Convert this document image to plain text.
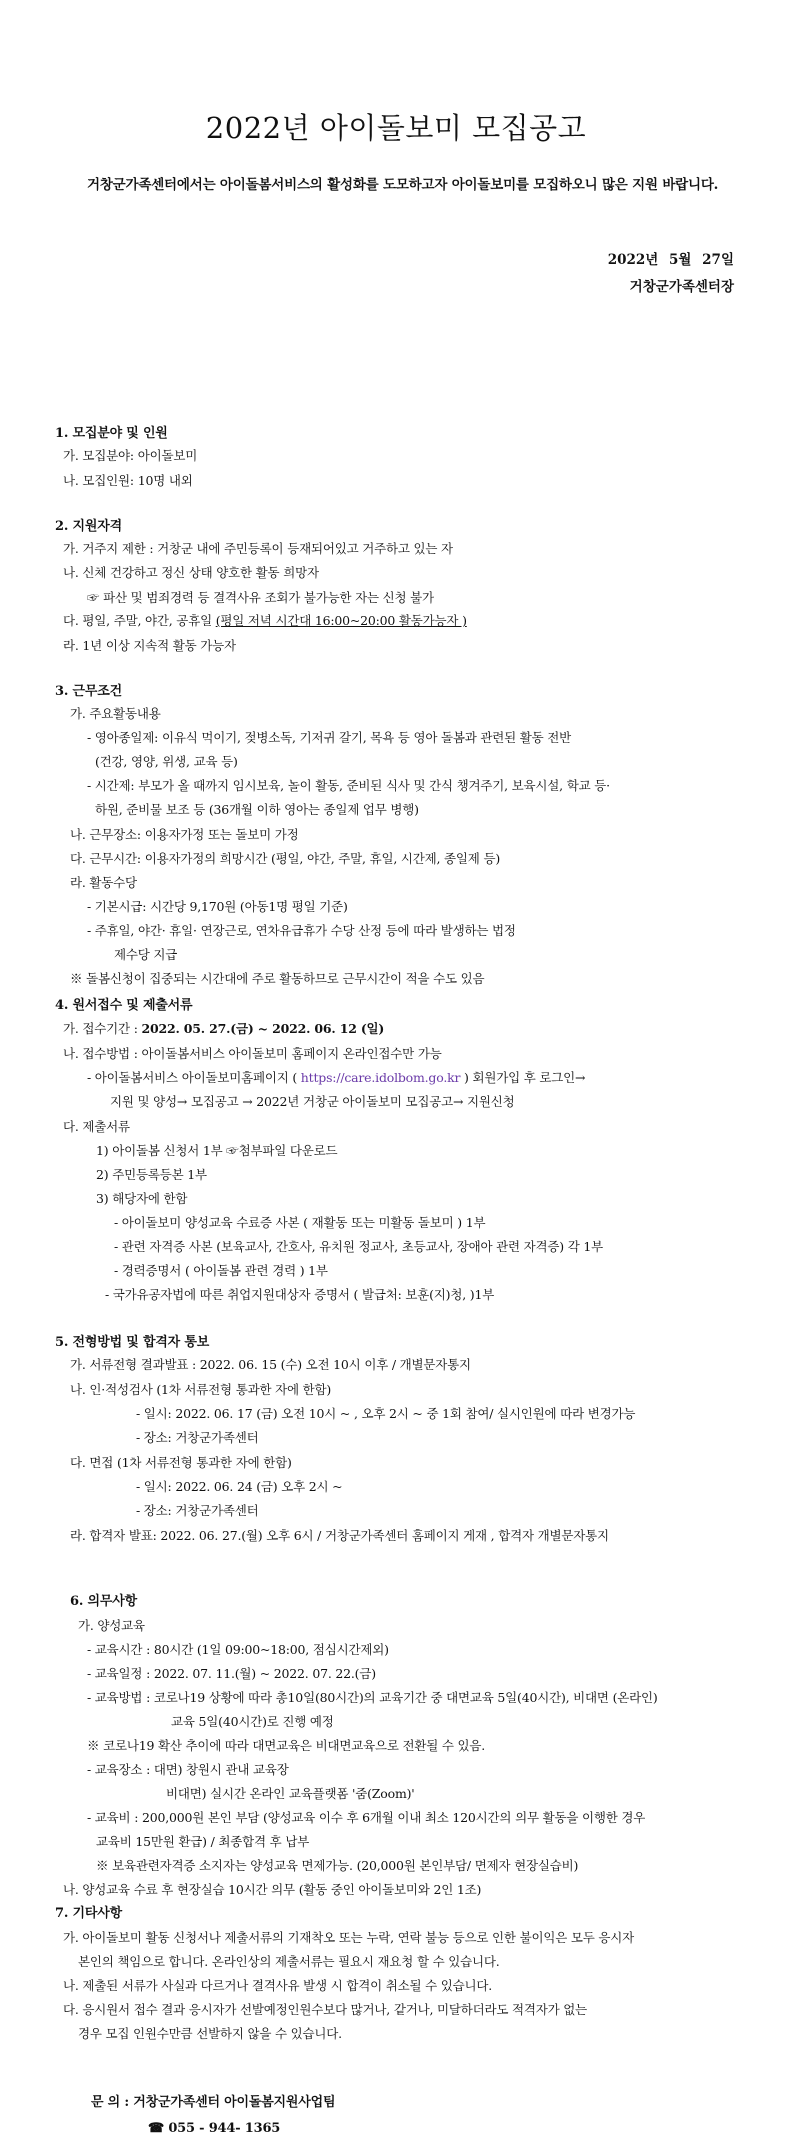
2022년 아이돌보미 모집공고
거창군가족센터에서는 아이돌봄서비스의 활성화를 도모하고자 아이돌보미를 모집하오니 많은 지원 바랍니다.
2022년 5월 27일
거창군가족센터장
1. 모집분야 및 인원
가. 모집분야: 아이돌보미
나. 모집인원: 10명 내외
2. 지원자격
가. 거주지 제한 : 거창군 내에 주민등록이 등재되어있고 거주하고 있는 자
나. 신체 건강하고 정신 상태 양호한 활동 희망자
☞ 파산 및 범죄경력 등 결격사유 조회가 불가능한 자는 신청 불가
다. 평일, 주말, 야간, 공휴일 (평일 저녁 시간대 16:00~20:00 활동가능자 )
라. 1년 이상 지속적 활동 가능자
3. 근무조건
가. 주요활동내용
- 영아종일제: 이유식 먹이기, 젖병소독, 기저귀 갈기, 목욕 등 영아 돌봄과 관련된 활동 전반
(건강, 영양, 위생, 교육 등)
- 시간제: 부모가 올 때까지 임시보육, 놀이 활동, 준비된 식사 및 간식 챙겨주기, 보육시설, 학교 등·
하원, 준비물 보조 등 (36개월 이하 영아는 종일제 업무 병행)
나. 근무장소: 이용자가정 또는 돌보미 가정
다. 근무시간: 이용자가정의 희망시간 (평일, 야간, 주말, 휴일, 시간제, 종일제 등)
라. 활동수당
- 기본시급: 시간당 9,170원 (아동1명 평일 기준)
- 주휴일, 야간· 휴일· 연장근로, 연차유급휴가 수당 산정 등에 따라 발생하는 법정
제수당 지급
※ 돌봄신청이 집중되는 시간대에 주로 활동하므로 근무시간이 적을 수도 있음
4. 원서접수 및 제출서류
가. 접수기간 : 2022. 05. 27.(금) ~ 2022. 06. 12 (일)
나. 접수방법 : 아이돌봄서비스 아이돌보미 홈페이지 온라인접수만 가능
- 아이돌봄서비스 아이돌보미홈페이지 ( https://care.idolbom.go.kr ) 회원가입 후 로그인→
지원 및 양성→ 모집공고 → 2022년 거창군 아이돌보미 모집공고→ 지원신청
다. 제출서류
1) 아이돌봄 신청서 1부 ☞첨부파일 다운로드
2) 주민등록등본 1부
3) 해당자에 한함
- 아이돌보미 양성교육 수료증 사본 ( 재활동 또는 미활동 돌보미 ) 1부
- 관련 자격증 사본 (보육교사, 간호사, 유치원 정교사, 초등교사, 장애아 관련 자격증) 각 1부
- 경력증명서 ( 아이돌봄 관련 경력 ) 1부
- 국가유공자법에 따른 취업지원대상자 증명서 ( 발급처: 보훈(지)청, )1부
5. 전형방법 및 합격자 통보
가. 서류전형 결과발표 : 2022. 06. 15 (수) 오전 10시 이후 / 개별문자통지
나. 인·적성검사 (1차 서류전형 통과한 자에 한함)
- 일시: 2022. 06. 17 (금) 오전 10시 ~ , 오후 2시 ~ 중 1회 참여/ 실시인원에 따라 변경가능
- 장소: 거창군가족센터
다. 면접 (1차 서류전형 통과한 자에 한함)
- 일시: 2022. 06. 24 (금) 오후 2시 ~
- 장소: 거창군가족센터
라. 합격자 발표: 2022. 06. 27.(월) 오후 6시 / 거창군가족센터 홈페이지 게재 , 합격자 개별문자통지
6. 의무사항
가. 양성교육
- 교육시간 : 80시간 (1일 09:00~18:00, 점심시간제외)
- 교육일정 : 2022. 07. 11.(월) ~ 2022. 07. 22.(금)
- 교육방법 : 코로나19 상황에 따라 총10일(80시간)의 교육기간 중 대면교육 5일(40시간), 비대면 (온라인)
교육 5일(40시간)로 진행 예정
※ 코로나19 확산 추이에 따라 대면교육은 비대면교육으로 전환될 수 있음.
- 교육장소 : 대면) 창원시 관내 교육장
비대면) 실시간 온라인 교육플랫폼 '줌(Zoom)'
- 교육비 : 200,000원 본인 부담 (양성교육 이수 후 6개월 이내 최소 120시간의 의무 활동을 이행한 경우
교육비 15만원 환급) / 최종합격 후 납부
※ 보육관련자격증 소지자는 양성교육 면제가능. (20,000원 본인부담/ 면제자 현장실습비)
나. 양성교육 수료 후 현장실습 10시간 의무 (활동 중인 아이돌보미와 2인 1조)
7. 기타사항
가. 아이돌보미 활동 신청서나 제출서류의 기재착오 또는 누락, 연락 불능 등으로 인한 불이익은 모두 응시자
본인의 책임으로 합니다. 온라인상의 제출서류는 필요시 재요청 할 수 있습니다.
나. 제출된 서류가 사실과 다르거나 결격사유 발생 시 합격이 취소될 수 있습니다.
다. 응시원서 접수 결과 응시자가 선발예정인원수보다 많거나, 같거나, 미달하더라도 적격자가 없는
경우 모집 인원수만큼 선발하지 않을 수 있습니다.
문 의 : 거창군가족센터 아이돌봄지원사업팀
☎ 055 - 944- 1365
